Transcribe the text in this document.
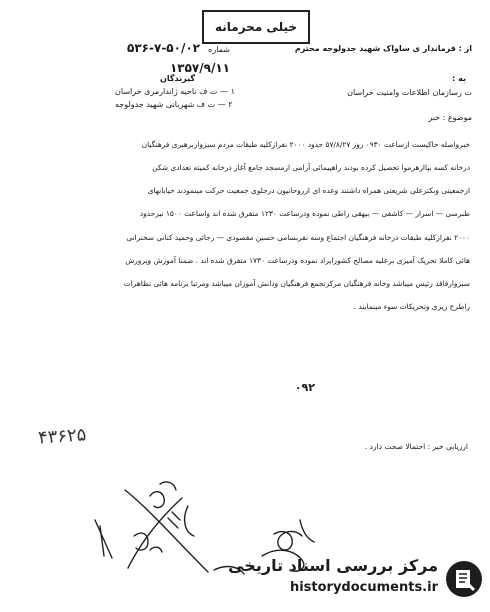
خیلی محرمانه
شماره ۵۰/۰۲-۷-۵۳۶
۱۳۵۷/۹/۱۱
از : فرماندار ی ساواک شهید جدولوجه محترم
گیرندگان
۱ — ت ف ناحیه ژاندارمری خراسان
۲ — ت ف شهربانی شهید جدولوجه
به :
ت رسازمان اطلاعات وامنیت خراسان
موضوع : خبر
خبرواصله حاکیست ازساعت ۰۹۳۰ روز ۵۷/۸/۲۷ حدود ۲۰۰۰ نفرازکلیه طبقات مردم سبزواربرهبری فرهنگیان
درخانه کسه بپاازهرموا تحصیل کرده بودند راهپیمائی آرامی ازمسجد جامع آغاز درخانه کمیته تعدادی شکن
ازجمعیتی وبکترعلی شریعتی همراه داشتند وعده ای ازروحانیون درجلوی جمعیت حرکت مینمودند خیابانهای
طبرسی — اسرار — کاشفی — بیهقی راطی نموده ودرساعت ۱۲۳۰ متفرق شده اند واساعت ۱۵۰۰ نیزحدود
۲۰۰۰ نفرازکلیه طبقات درخانه فرهنگیان اجتماع وسه نفربسامی حسین مقصودی — رجائی وحمید کنانی سخنرانی
هائی کاملا تحریک آمیزی برعلیه مصالح کشورایراد نموده ودرساعت ۱۷۳۰ متفرق شده اند . ضمنا آموزش وپرورش
سبزوارفاقد رئیس میباشد وخانه فرهنگیان مرکزتجمع فرهنگیان ودانش آموزان میباشد ومرتبا برنامه هائی تظاهرات
راطرح ریزی وتحریکات سوء مینمایند .
۰۹۲
ارزیابی خبر : احتمالا صحت دارد .
۴۳۶۲۵
مرکز بررسی اسناد تاریخی
historydocuments.ir
